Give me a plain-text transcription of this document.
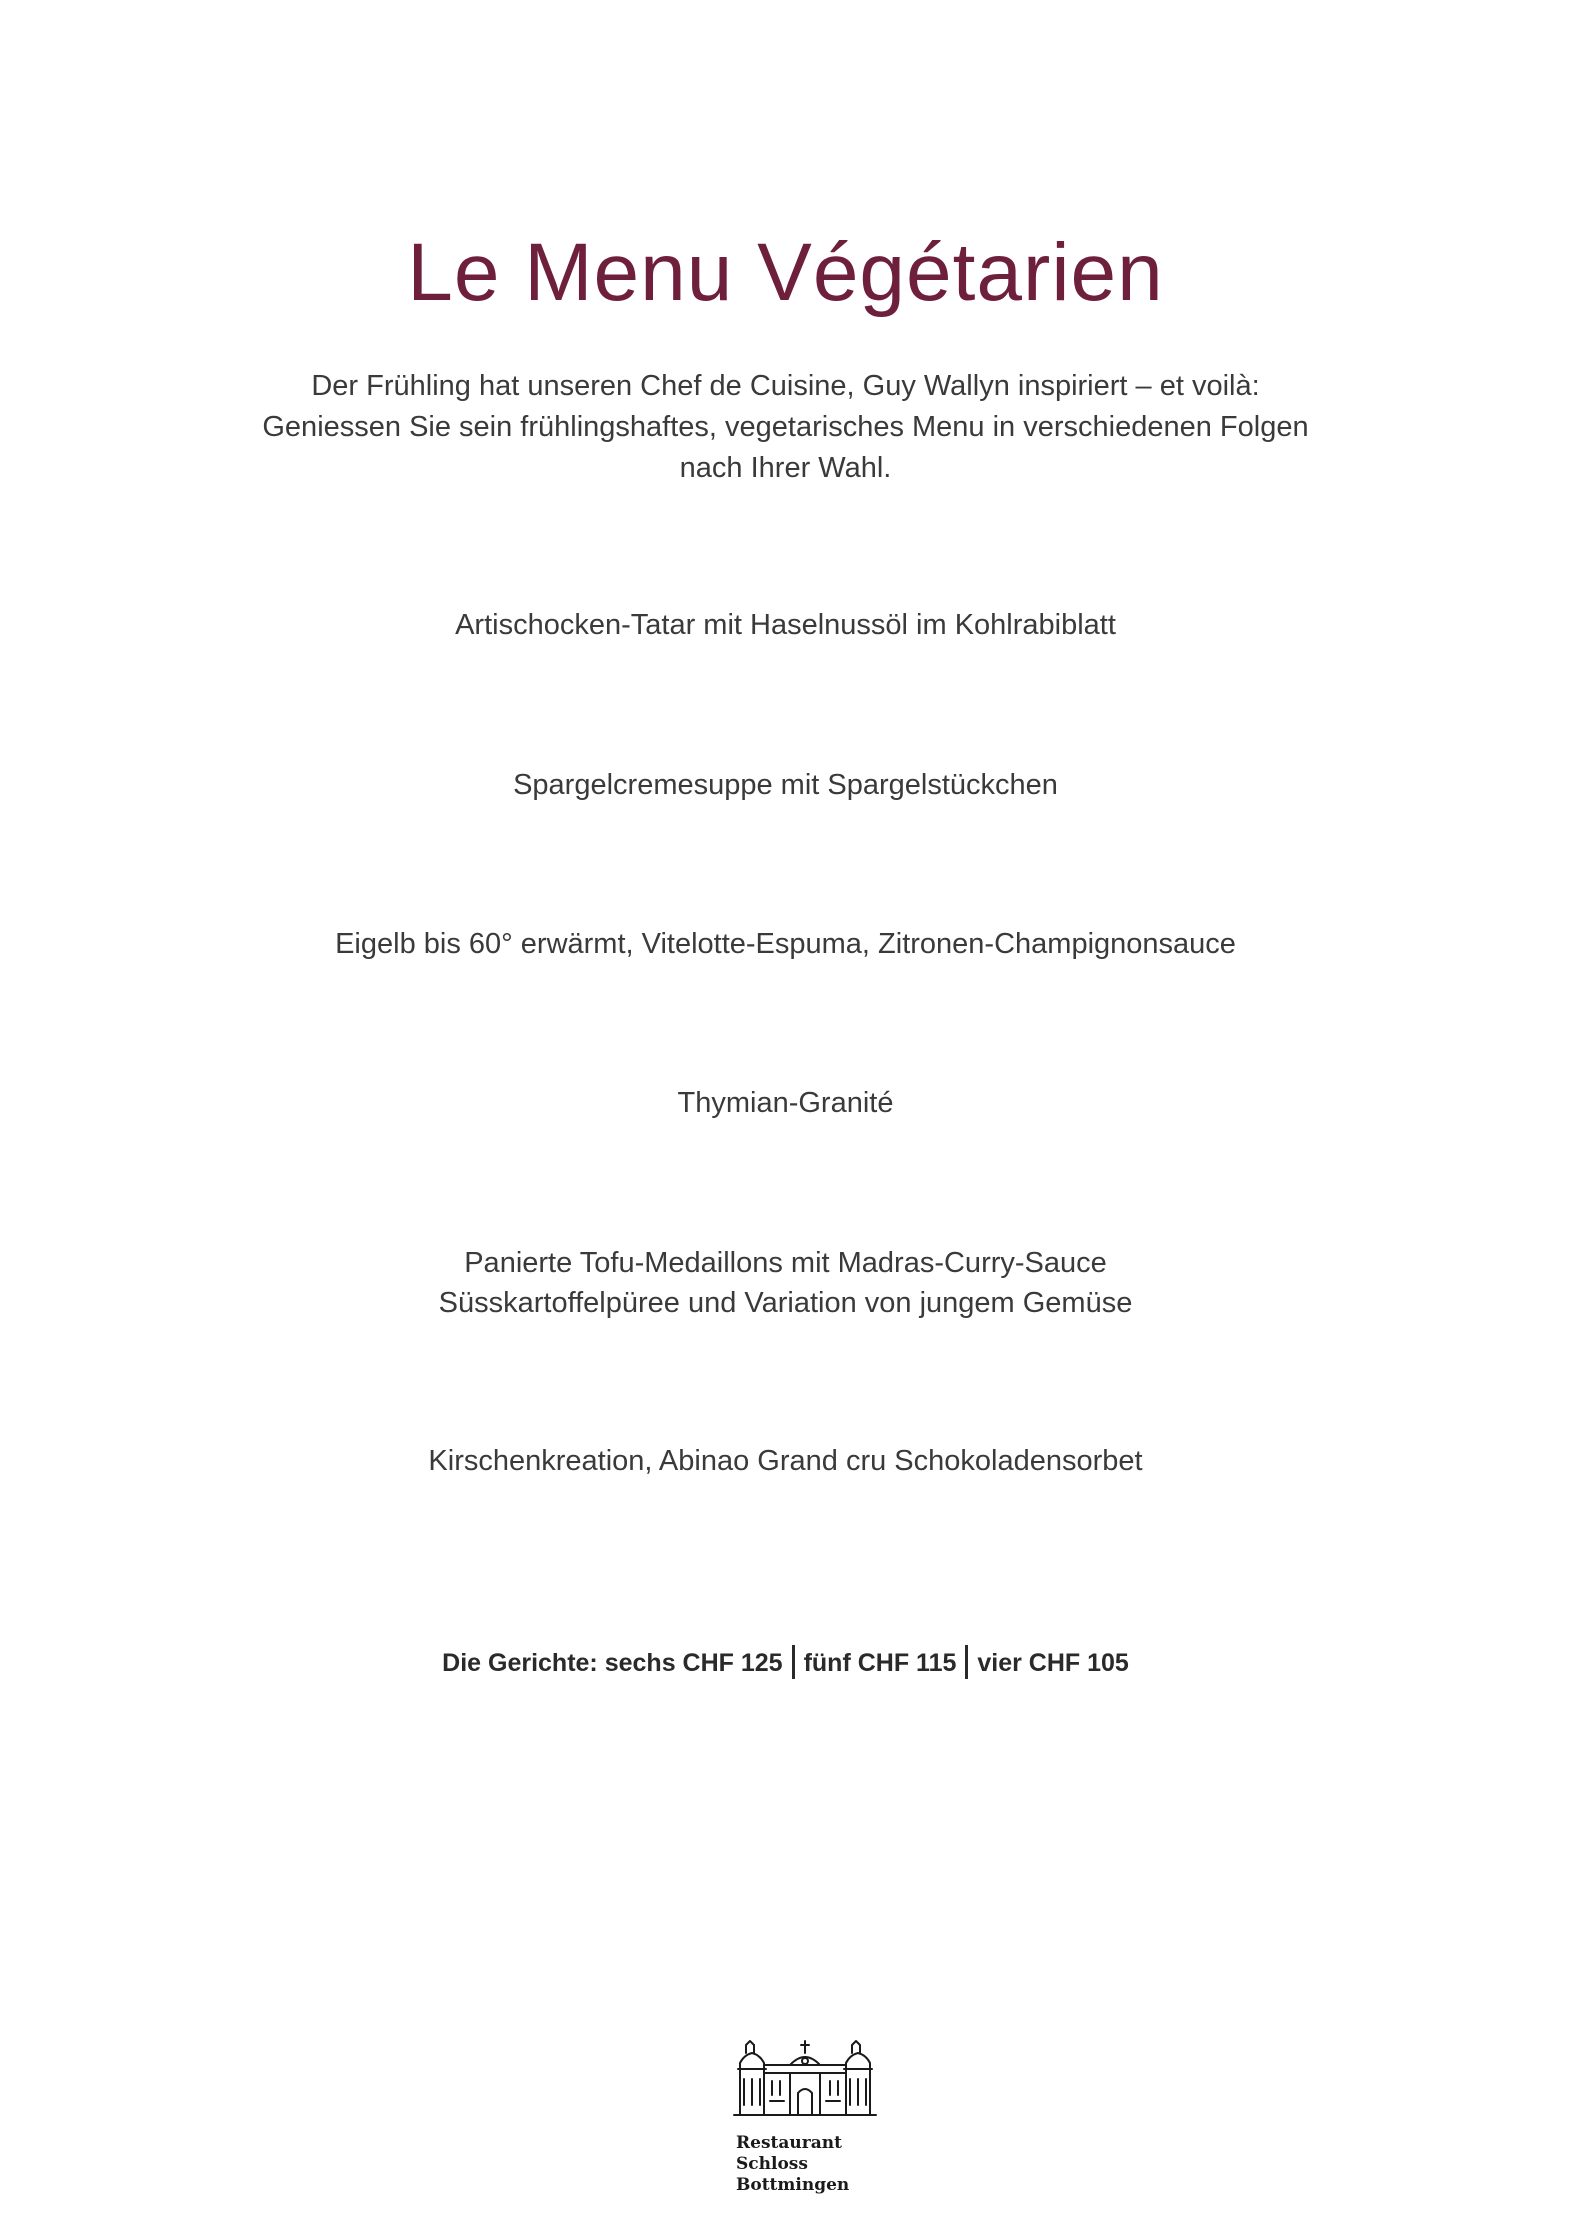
Le Menu Végétarien
Der Frühling hat unseren Chef de Cuisine, Guy Wallyn inspiriert – et voilà:
Geniessen Sie sein frühlingshaftes, vegetarisches Menu in verschiedenen Folgen
nach Ihrer Wahl.
Artischocken-Tatar mit Haselnussöl im Kohlrabiblatt
Spargelcremesuppe mit Spargelstückchen
Eigelb bis 60° erwärmt, Vitelotte-Espuma, Zitronen-Champignonsauce
Thymian-Granité
Panierte Tofu-Medaillons mit Madras-Curry-Sauce
Süsskartoffelpüree und Variation von jungem Gemüse
Kirschenkreation, Abinao Grand cru Schokoladensorbet
Die Gerichte: sechs CHF 125 fünf CHF 115 vier CHF 105
Restaurant
Schloss
Bottmingen
